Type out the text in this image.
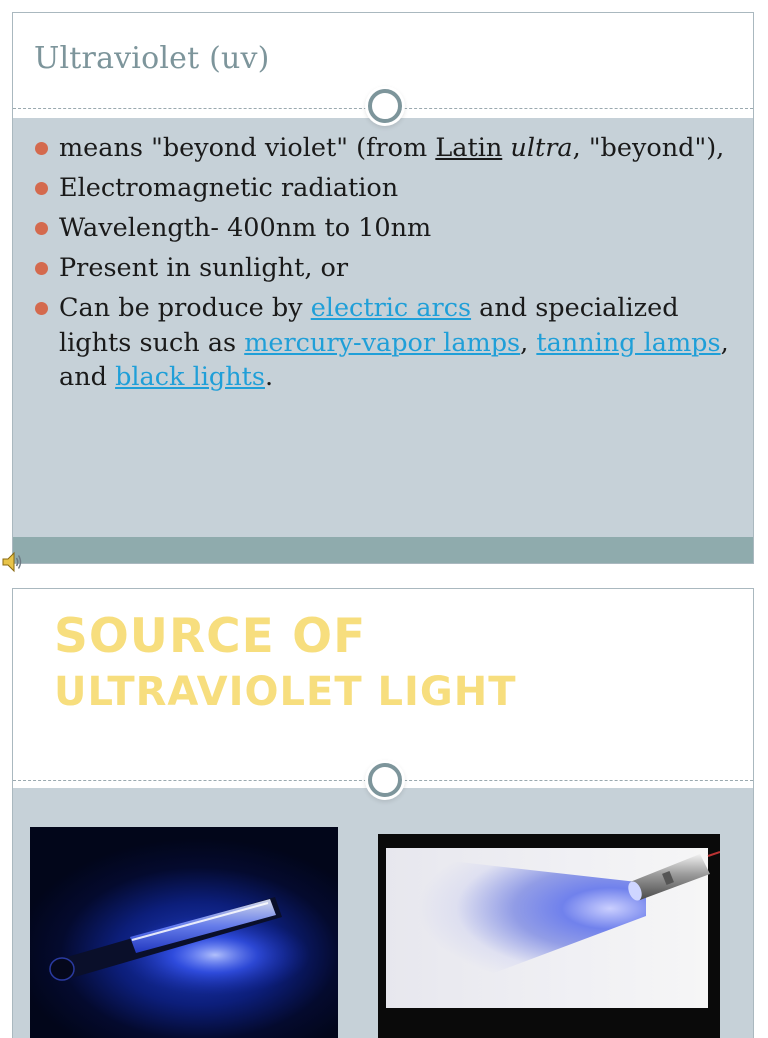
Ultraviolet (uv)
means "beyond violet" (from Latin ultra, "beyond"),
Electromagnetic radiation
Wavelength- 400nm to 10nm
Present in sunlight, or
Can be produce by electric arcs and specialized lights such as mercury-vapor lamps, tanning lamps, and black lights.
SOURCE OF
ULTRAVIOLET LIGHT
